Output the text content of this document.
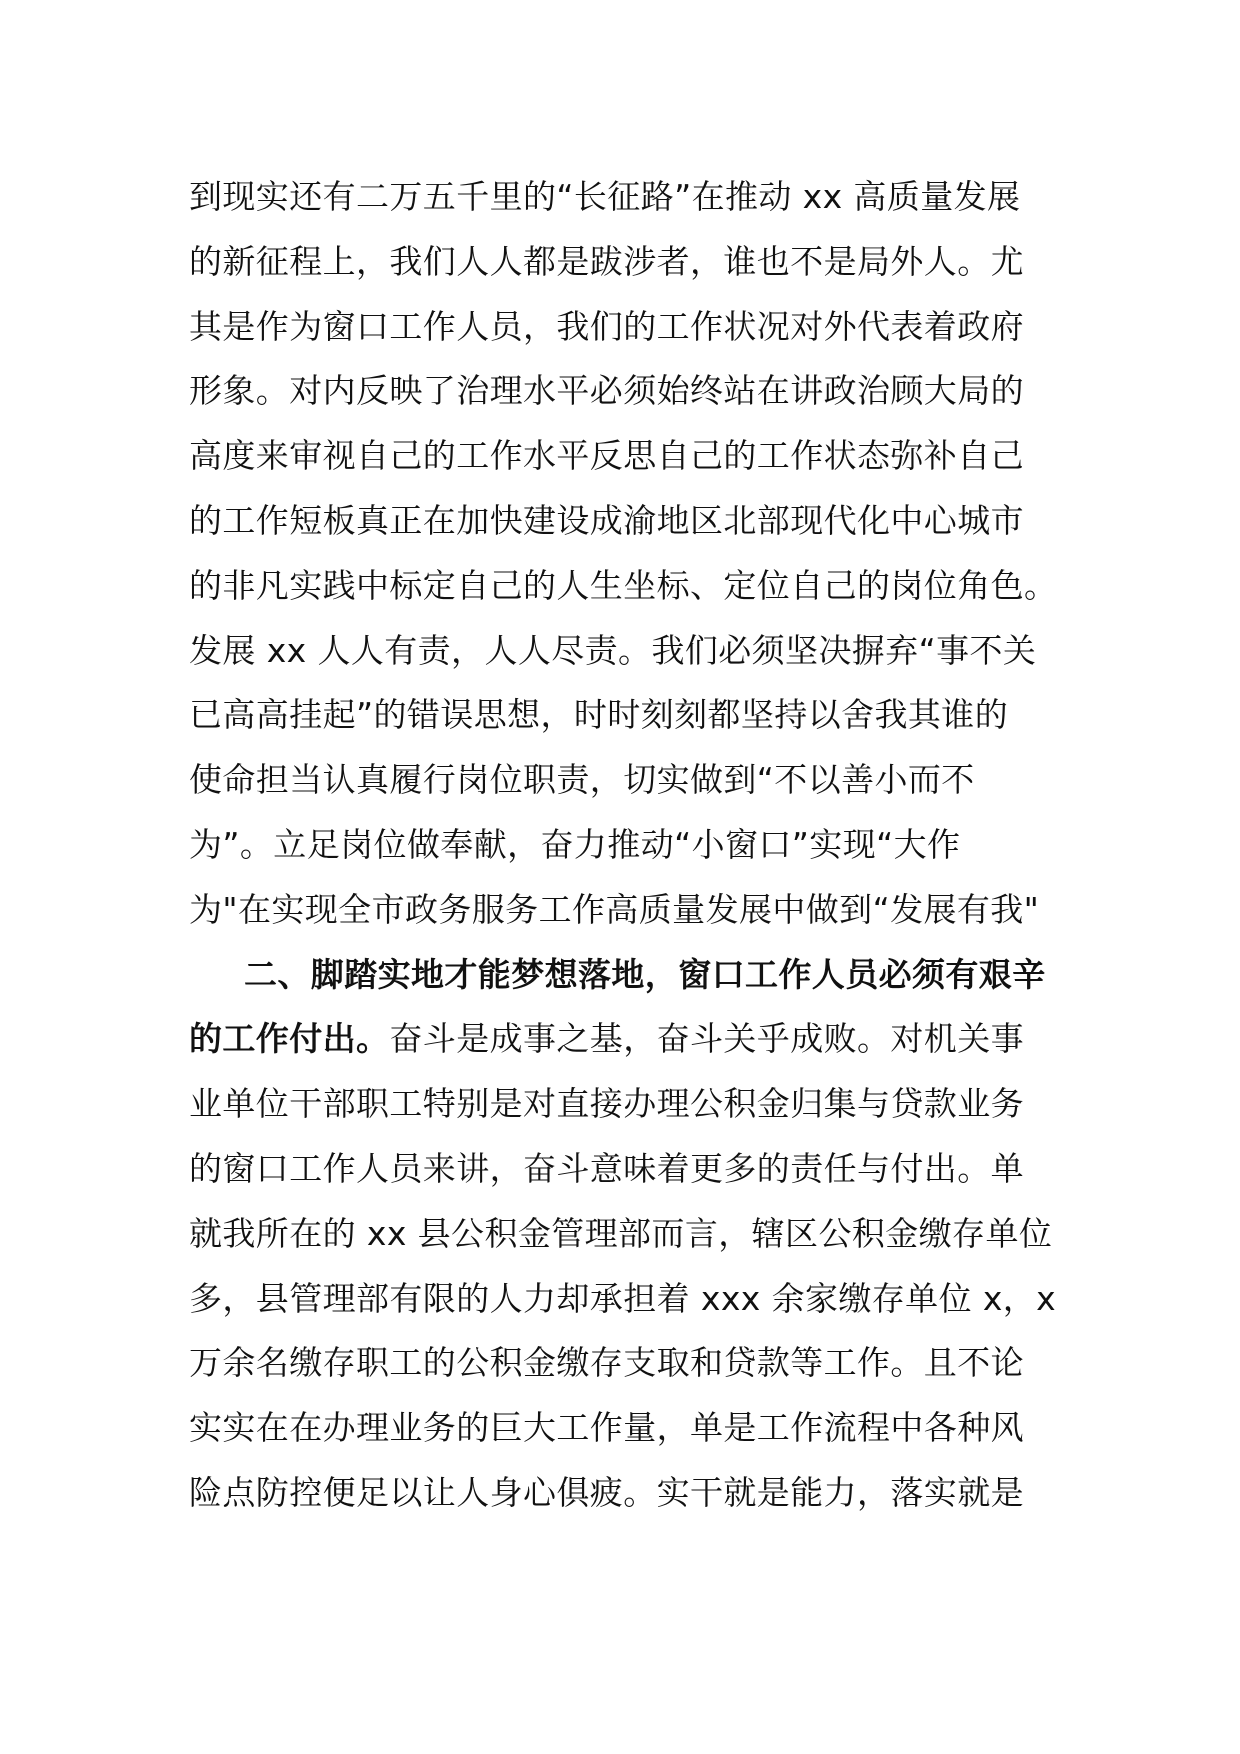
到现实还有二万五千里的“长征路”在推动 xx 高质量发展
的新征程上，我们人人都是跋涉者，谁也不是局外人。尤
其是作为窗口工作人员，我们的工作状况对外代表着政府
形象。对内反映了治理水平必须始终站在讲政治顾大局的
高度来审视自己的工作水平反思自己的工作状态弥补自己
的工作短板真正在加快建设成渝地区北部现代化中心城市
的非凡实践中标定自己的人生坐标、定位自己的岗位角色。
发展 xx 人人有责，人人尽责。我们必须坚决摒弃“事不关
已高高挂起”的错误思想，时时刻刻都坚持以舍我其谁的
使命担当认真履行岗位职责，切实做到“不以善小而不
为”。立足岗位做奉献，奋力推动“小窗口”实现“大作
为"在实现全市政务服务工作高质量发展中做到“发展有我"
二、脚踏实地才能梦想落地，窗口工作人员必须有艰辛
的工作付出。奋斗是成事之基，奋斗关乎成败。对机关事
业单位干部职工特别是对直接办理公积金归集与贷款业务
的窗口工作人员来讲，奋斗意味着更多的责任与付出。单
就我所在的 xx 县公积金管理部而言，辖区公积金缴存单位
多，县管理部有限的人力却承担着 xxx 余家缴存单位 x，x
万余名缴存职工的公积金缴存支取和贷款等工作。且不论
实实在在办理业务的巨大工作量，单是工作流程中各种风
险点防控便足以让人身心俱疲。实干就是能力，落实就是
